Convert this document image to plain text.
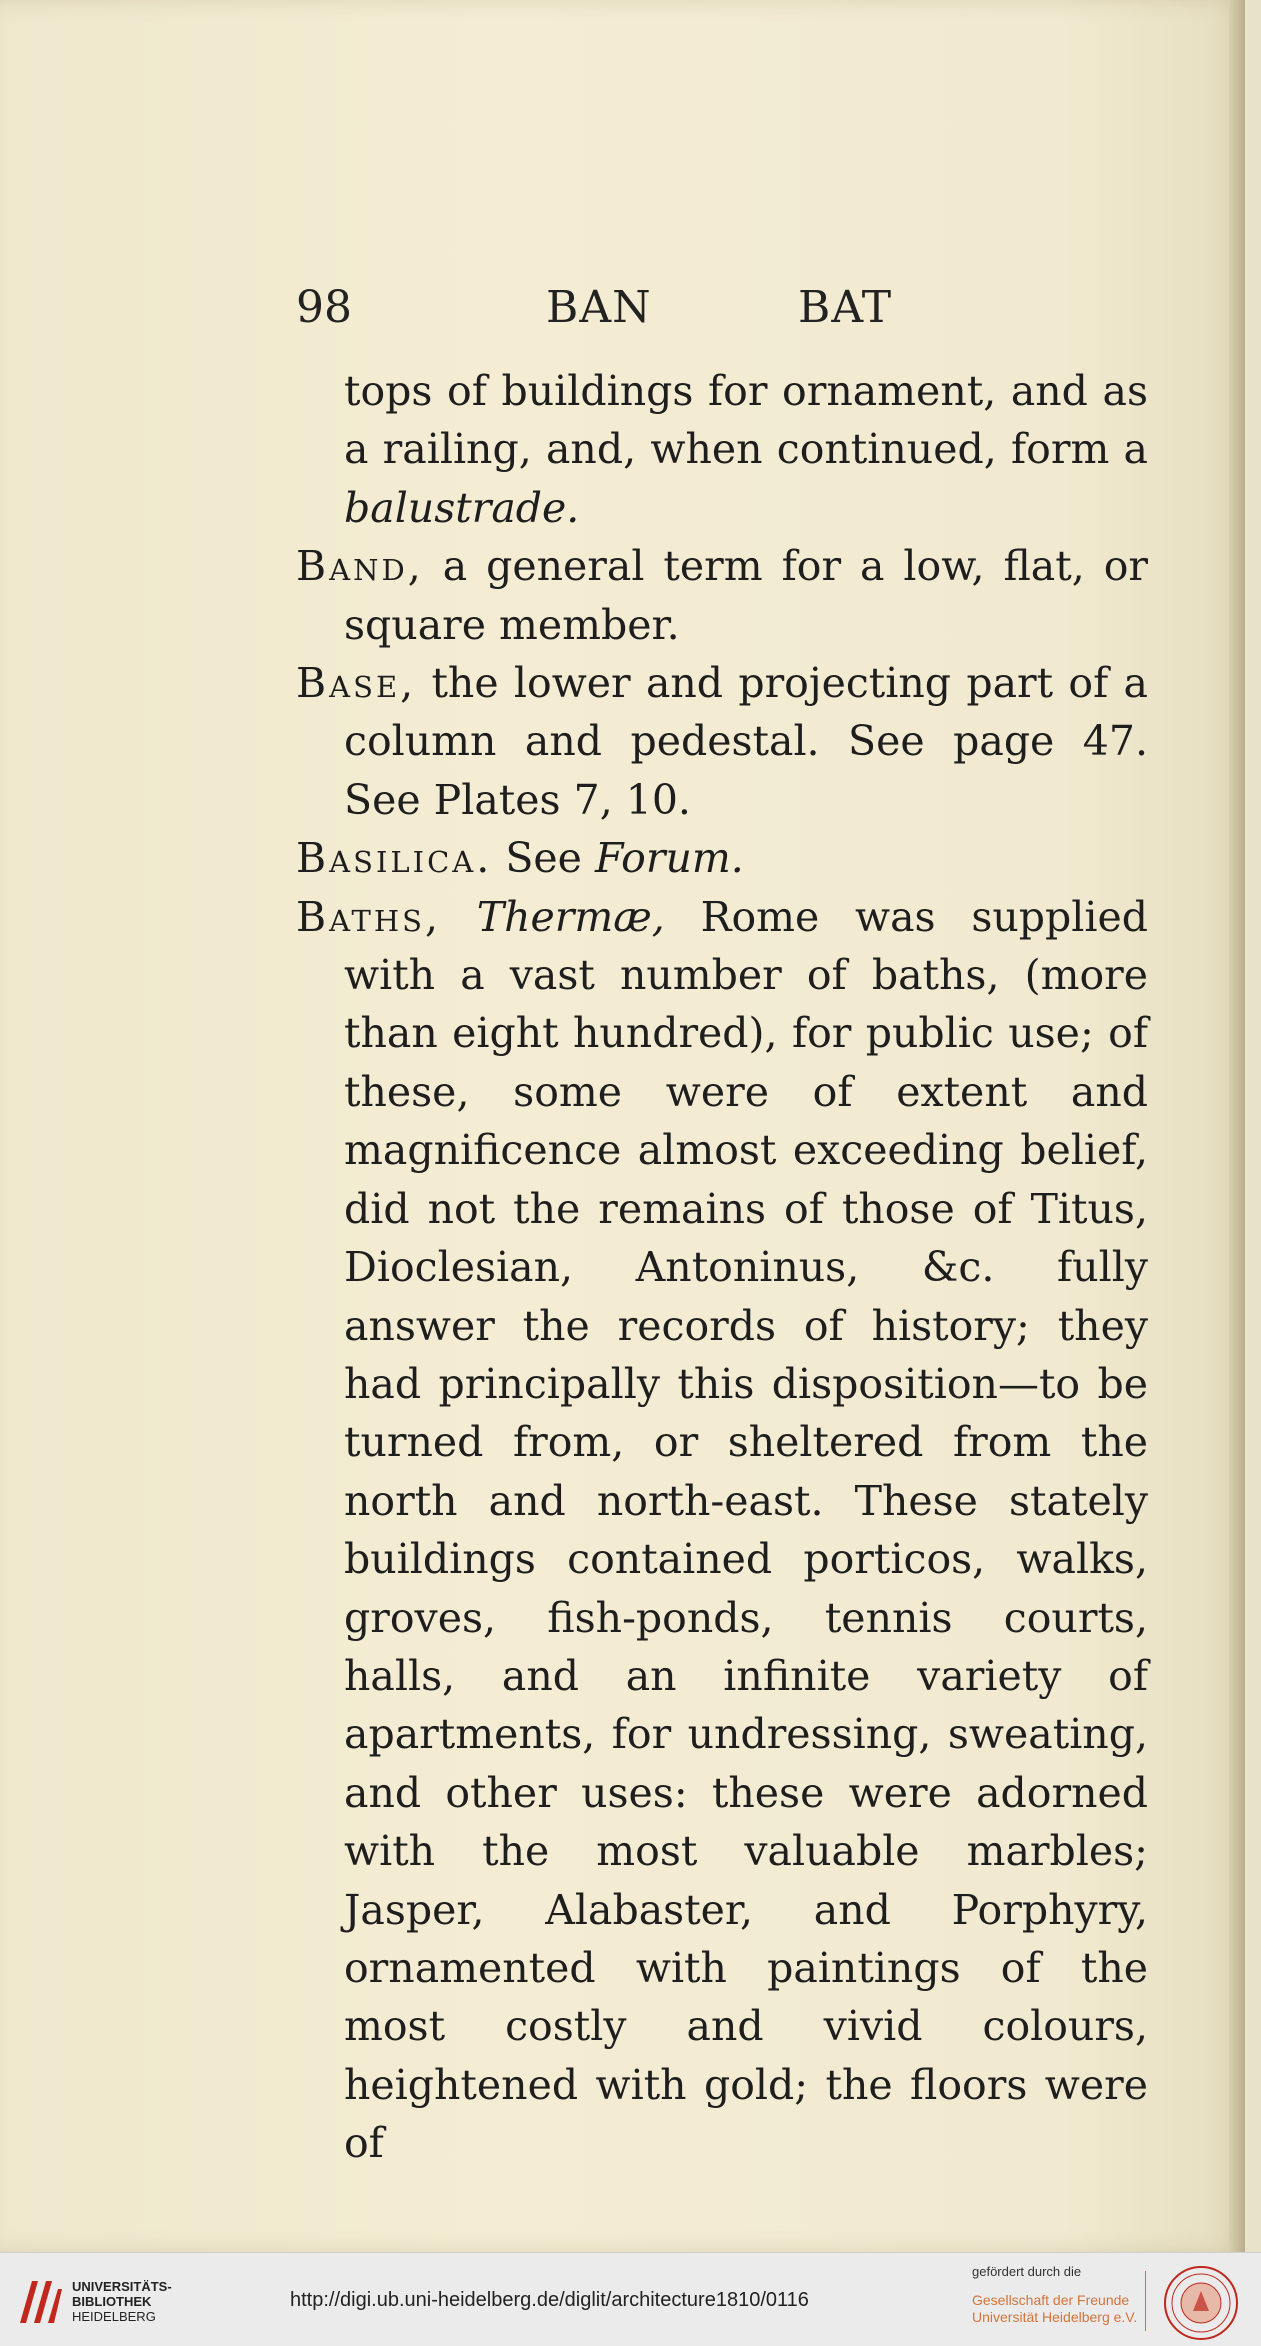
98	BAN	BAT

tops of buildings for ornament, and as a railing, and, when continued, form a balustrade.

Band, a general term for a low, flat, or square member.

Base, the lower and projecting part of a column and pedestal. See page 47. See Plates 7, 10.

Basilica. See Forum.

Baths, Thermæ, Rome was supplied with a vast number of baths, (more than eight hundred), for public use; of these, some were of extent and magnificence almost exceeding belief, did not the remains of those of Titus, Dioclesian, Antoninus, &c. fully answer the records of history; they had principally this disposition—to be turned from, or sheltered from the north and north-east. These stately buildings contained porticos, walks, groves, fish-ponds, tennis courts, halls, and an infinite variety of apartments, for undressing, sweating, and other uses: these were adorned with the most valuable marbles; Jasper, Alabaster, and Porphyry, ornamented with paintings of the most costly and vivid colours, heightened with gold; the floors were of

UNIVERSITÄTS-
BIBLIOTHEK
HEIDELBERG
http://digi.ub.uni-heidelberg.de/diglit/architecture1810/0116
gefördert durch die
Gesellschaft der Freunde
Universität Heidelberg e.V.
